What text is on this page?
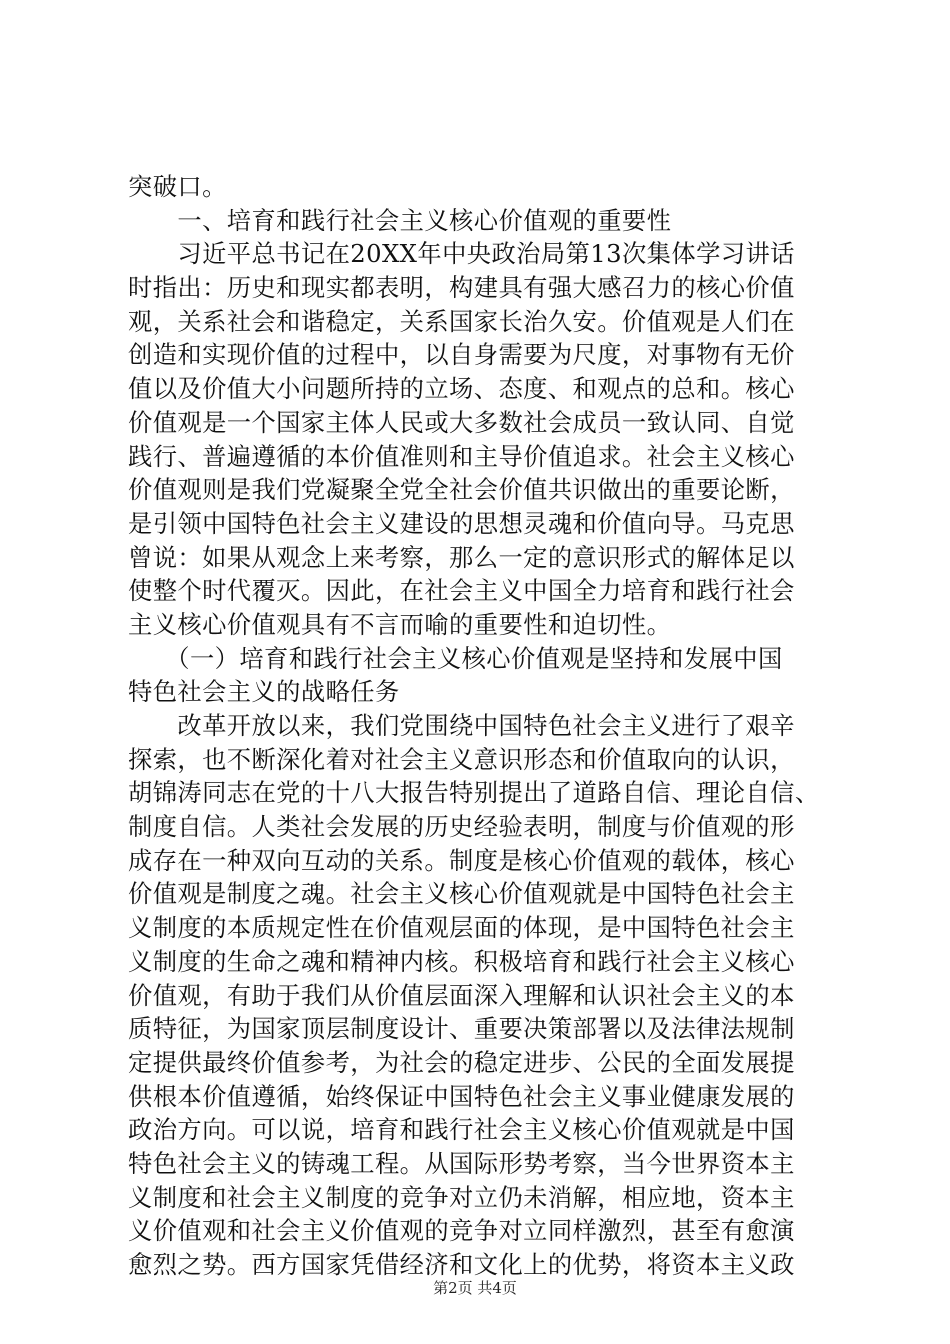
突破口。
　　一、培育和践行社会主义核心价值观的重要性
　　习近平总书记在20XX年中央政治局第13次集体学习讲话
时指出：历史和现实都表明，构建具有强大感召力的核心价值
观，关系社会和谐稳定，关系国家长治久安。价值观是人们在
创造和实现价值的过程中，以自身需要为尺度，对事物有无价
值以及价值大小问题所持的立场、态度、和观点的总和。核心
价值观是一个国家主体人民或大多数社会成员一致认同、自觉
践行、普遍遵循的本价值准则和主导价值追求。社会主义核心
价值观则是我们党凝聚全党全社会价值共识做出的重要论断，
是引领中国特色社会主义建设的思想灵魂和价值向导。马克思
曾说：如果从观念上来考察，那么一定的意识形式的解体足以
使整个时代覆灭。因此，在社会主义中国全力培育和践行社会
主义核心价值观具有不言而喻的重要性和迫切性。
　　（一）培育和践行社会主义核心价值观是坚持和发展中国
特色社会主义的战略任务
　　改革开放以来，我们党围绕中国特色社会主义进行了艰辛
探索，也不断深化着对社会主义意识形态和价值取向的认识，
胡锦涛同志在党的十八大报告特别提出了道路自信、理论自信、
制度自信。人类社会发展的历史经验表明，制度与价值观的形
成存在一种双向互动的关系。制度是核心价值观的载体，核心
价值观是制度之魂。社会主义核心价值观就是中国特色社会主
义制度的本质规定性在价值观层面的体现，是中国特色社会主
义制度的生命之魂和精神内核。积极培育和践行社会主义核心
价值观，有助于我们从价值层面深入理解和认识社会主义的本
质特征，为国家顶层制度设计、重要决策部署以及法律法规制
定提供最终价值参考，为社会的稳定进步、公民的全面发展提
供根本价值遵循，始终保证中国特色社会主义事业健康发展的
政治方向。可以说，培育和践行社会主义核心价值观就是中国
特色社会主义的铸魂工程。从国际形势考察，当今世界资本主
义制度和社会主义制度的竞争对立仍未消解，相应地，资本主
义价值观和社会主义价值观的竞争对立同样激烈，甚至有愈演
愈烈之势。西方国家凭借经济和文化上的优势，将资本主义政
第2页 共4页
